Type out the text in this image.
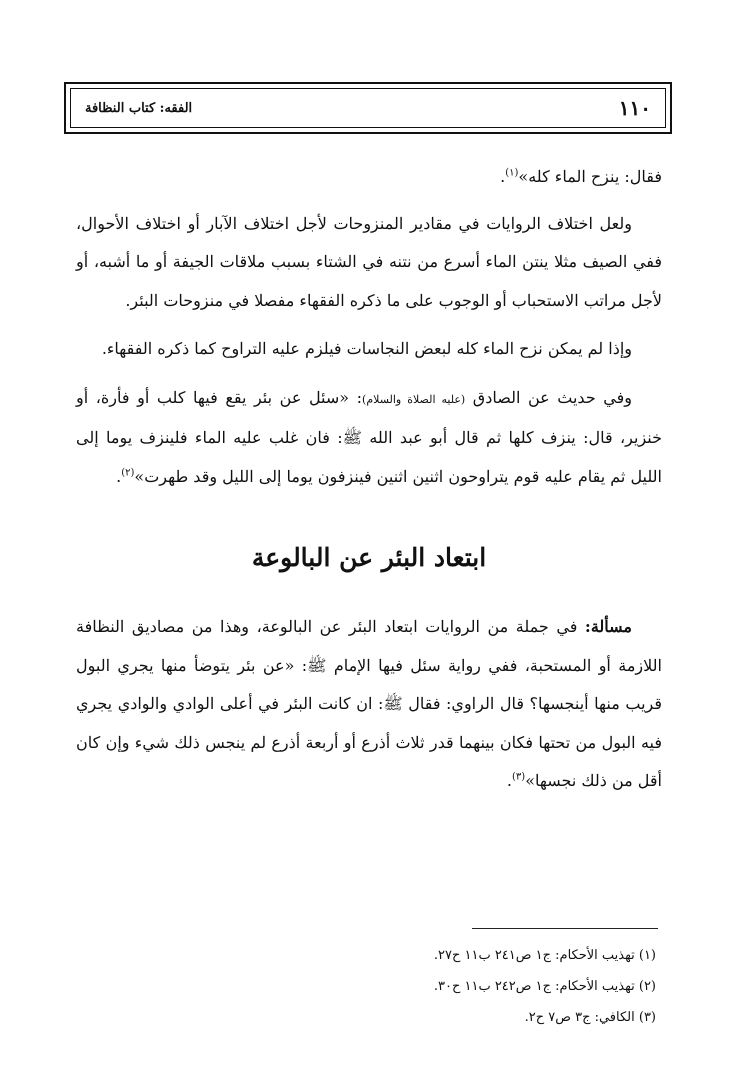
الفقه: كتاب النظافة	١١٠

فقال: ينزح الماء كله»$^{(١)}$.

ولعل اختلاف الروايات في مقادير المنزوحات لأجل اختلاف الآبار أو اختلاف الأحوال، ففي الصيف مثلا ينتن الماء أسرع من نتنه في الشتاء بسبب ملاقات الجيفة أو ما أشبه، أو لأجل مراتب الاستحباب أو الوجوب على ما ذكره الفقهاء مفصلا في منزوحات البئر.

وإذا لم يمكن نزح الماء كله لبعض النجاسات فيلزم عليه التراوح كما ذكره الفقهاء.

وفي حديث عن الصادق (عليه الصلاة والسلام): «سئل عن بئر يقع فيها كلب أو فأرة، أو خنزير، قال: ينزف كلها ثم قال أبو عبد الله ﷺ: فان غلب عليه الماء فلينزف يوما إلى الليل ثم يقام عليه قوم يتراوحون اثنين اثنين فينزفون يوما إلى الليل وقد طهرت»$^{(٢)}$.

ابتعاد البئر عن البالوعة

مسألة: في جملة من الروايات ابتعاد البئر عن البالوعة، وهذا من مصاديق النظافة اللازمة أو المستحبة، ففي رواية سئل فيها الإمام ﷺ: «عن بئر يتوضأ منها يجري البول قريب منها أينجسها؟ قال الراوي: فقال ﷺ: ان كانت البئر في أعلى الوادي والوادي يجري فيه البول من تحتها فكان بينهما قدر ثلاث أذرع أو أربعة أذرع لم ينجس ذلك شيء وإن كان أقل من ذلك نجسها»$^{(٣)}$.

(١) تهذيب الأحكام: ج١ ص٢٤١ ب١١ ح٢٧.

(٢) تهذيب الأحكام: ج١ ص٢٤٢ ب١١ ح٣٠.

(٣) الكافي: ج٣ ص٧ ح٢.
